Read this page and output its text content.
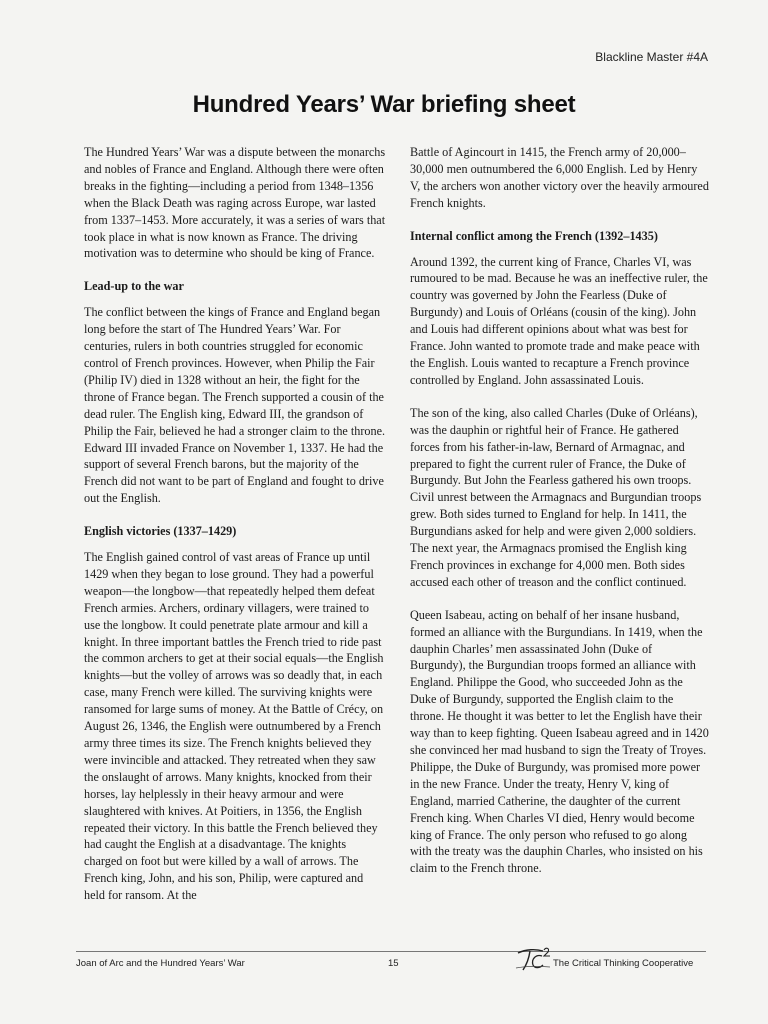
Blackline Master #4A
Hundred Years’ War briefing sheet

The Hundred Years’ War was a dispute between the monarchs and nobles of France and England. Although there were often breaks in the fighting—including a period from 1348–1356 when the Black Death was raging across Europe, war lasted from 1337–1453. More accurately, it was a series of wars that took place in what is now known as France. The driving motivation was to determine who should be king of France.

Lead-up to the war

The conflict between the kings of France and England began long before the start of The Hundred Years’ War. For centuries, rulers in both countries struggled for economic control of French provinces. However, when Philip the Fair (Philip IV) died in 1328 without an heir, the fight for the throne of France began. The French supported a cousin of the dead ruler. The English king, Edward III, the grandson of Philip the Fair, believed he had a stronger claim to the throne. Edward III invaded France on November 1, 1337. He had the support of several French barons, but the majority of the French did not want to be part of England and fought to drive out the English.

English victories (1337–1429)

The English gained control of vast areas of France up until 1429 when they began to lose ground. They had a powerful weapon—the longbow—that repeatedly helped them defeat French armies. Archers, ordinary villagers, were trained to use the longbow. It could penetrate plate armour and kill a knight. In three important battles the French tried to ride past the common archers to get at their social equals—the English knights—but the volley of arrows was so deadly that, in each case, many French were killed. The surviving knights were ransomed for large sums of money. At the Battle of Crécy, on August 26, 1346, the English were outnumbered by a French army three times its size. The French knights believed they were invincible and attacked. They retreated when they saw the onslaught of arrows. Many knights, knocked from their horses, lay helplessly in their heavy armour and were slaughtered with knives. At Poitiers, in 1356, the English repeated their victory. In this battle the French believed they had caught the English at a disadvantage. The knights charged on foot but were killed by a wall of arrows. The French king, John, and his son, Philip, were captured and held for ransom. At the

Battle of Agincourt in 1415, the French army of 20,000–30,000 men outnumbered the 6,000 English. Led by Henry V, the archers won another victory over the heavily armoured French knights.

Internal conflict among the French (1392–1435)

Around 1392, the current king of France, Charles VI, was rumoured to be mad. Because he was an ineffective ruler, the country was governed by John the Fearless (Duke of Burgundy) and Louis of Orléans (cousin of the king). John and Louis had different opinions about what was best for France. John wanted to promote trade and make peace with the English. Louis wanted to recapture a French province controlled by England. John assassinated Louis.

The son of the king, also called Charles (Duke of Orléans), was the dauphin or rightful heir of France. He gathered forces from his father-in-law, Bernard of Armagnac, and prepared to fight the current ruler of France, the Duke of Burgundy. But John the Fearless gathered his own troops. Civil unrest between the Armagnacs and Burgundian troops grew. Both sides turned to England for help. In 1411, the Burgundians asked for help and were given 2,000 soldiers. The next year, the Armagnacs promised the English king French provinces in exchange for 4,000 men. Both sides accused each other of treason and the conflict continued.

Queen Isabeau, acting on behalf of her insane husband, formed an alliance with the Burgundians. In 1419, when the dauphin Charles’ men assassinated John (Duke of Burgundy), the Burgundian troops formed an alliance with England. Philippe the Good, who succeeded John as the Duke of Burgundy, supported the English claim to the throne. He thought it was better to let the English have their way than to keep fighting. Queen Isabeau agreed and in 1420 she convinced her mad husband to sign the Treaty of Troyes. Philippe, the Duke of Burgundy, was promised more power in the new France. Under the treaty, Henry V, king of England, married Catherine, the daughter of the current French king. When Charles VI died, Henry would become king of France. The only person who refused to go along with the treaty was the dauphin Charles, who insisted on his claim to the French throne.

Joan of Arc and the Hundred Years’ War	15	The Critical Thinking Cooperative
